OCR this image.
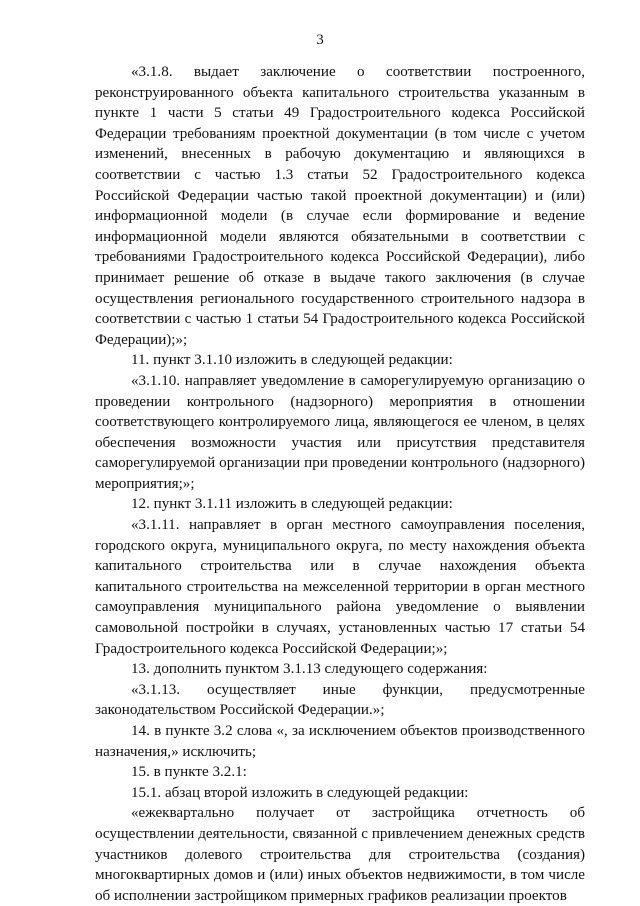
3

«3.1.8. выдает заключение о соответствии построенного, реконструированного объекта капитального строительства указанным в пункте 1 части 5 статьи 49 Градостроительного кодекса Российской Федерации требованиям проектной документации (в том числе с учетом изменений, внесенных в рабочую документацию и являющихся в соответствии с частью 1.3 статьи 52 Градостроительного кодекса Российской Федерации частью такой проектной документации) и (или) информационной модели (в случае если формирование и ведение информационной модели являются обязательными в соответствии с требованиями Градостроительного кодекса Российской Федерации), либо принимает решение об отказе в выдаче такого заключения (в случае осуществления регионального государственного строительного надзора в соответствии с частью 1 статьи 54 Градостроительного кодекса Российской Федерации);»;

11. пункт 3.1.10 изложить в следующей редакции:

«3.1.10. направляет уведомление в саморегулируемую организацию о проведении контрольного (надзорного) мероприятия в отношении соответствующего контролируемого лица, являющегося ее членом, в целях обеспечения возможности участия или присутствия представителя саморегулируемой организации при проведении контрольного (надзорного) мероприятия;»;

12. пункт 3.1.11 изложить в следующей редакции:

«3.1.11. направляет в орган местного самоуправления поселения, городского округа, муниципального округа, по месту нахождения объекта капитального строительства или в случае нахождения объекта капитального строительства на межселенной территории в орган местного самоуправления муниципального района уведомление о выявлении самовольной постройки в случаях, установленных частью 17 статьи 54 Градостроительного кодекса Российской Федерации;»;

13. дополнить пунктом 3.1.13 следующего содержания:

«3.1.13. осуществляет иные функции, предусмотренные законодательством Российской Федерации.»;

14. в пункте 3.2 слова «, за исключением объектов производственного назначения,» исключить;

15. в пункте 3.2.1:

15.1. абзац второй изложить в следующей редакции:

«ежеквартально получает от застройщика отчетность об осуществлении деятельности, связанной с привлечением денежных средств участников долевого строительства для строительства (создания) многоквартирных домов и (или) иных объектов недвижимости, в том числе об исполнении застройщиком примерных графиков реализации проектов
